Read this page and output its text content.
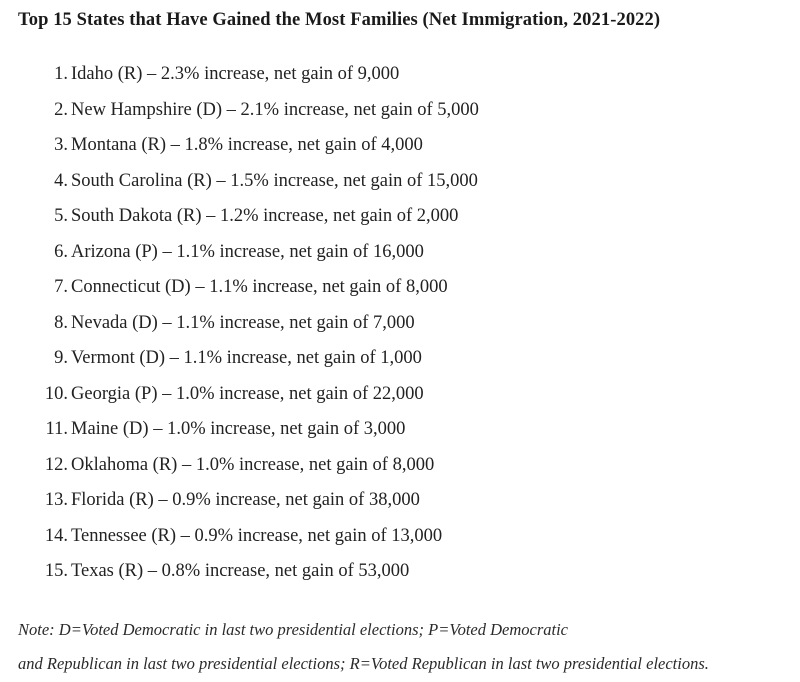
Top 15 States that Have Gained the Most Families (Net Immigration, 2021-2022)
1. Idaho (R) – 2.3% increase, net gain of 9,000
2. New Hampshire (D) – 2.1% increase, net gain of 5,000
3. Montana (R) – 1.8% increase, net gain of 4,000
4. South Carolina (R) – 1.5% increase, net gain of 15,000
5. South Dakota (R) – 1.2% increase, net gain of 2,000
6. Arizona (P) – 1.1% increase, net gain of 16,000
7. Connecticut (D) – 1.1% increase, net gain of 8,000
8. Nevada (D) – 1.1% increase, net gain of 7,000
9. Vermont (D) – 1.1% increase, net gain of 1,000
10. Georgia (P) – 1.0% increase, net gain of 22,000
11. Maine (D) – 1.0% increase, net gain of 3,000
12. Oklahoma (R) – 1.0% increase, net gain of 8,000
13. Florida (R) – 0.9% increase, net gain of 38,000
14. Tennessee (R) – 0.9% increase, net gain of 13,000
15. Texas (R) – 0.8% increase, net gain of 53,000
Note: D=Voted Democratic in last two presidential elections; P=Voted Democratic
and Republican in last two presidential elections; R=Voted Republican in last two presidential elections.
